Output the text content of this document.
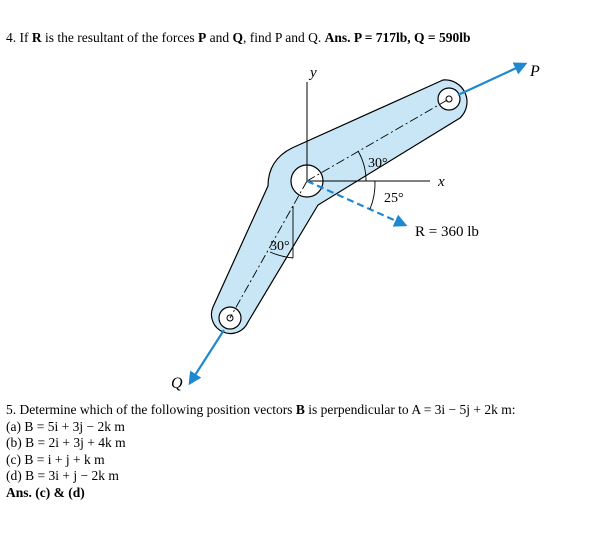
4. If R is the resultant of the forces P and Q, find P and Q. Ans. P = 717lb, Q = 590lb
y
x
P
Q
R = 360 lb
30°
25°
30°
5. Determine which of the following position vectors B is perpendicular to A = 3i − 5j + 2k m:
(a) B = 5i + 3j − 2k m
(b) B = 2i + 3j + 4k m
(c) B = i + j + k m
(d) B = 3i + j − 2k m
Ans. (c) & (d)
